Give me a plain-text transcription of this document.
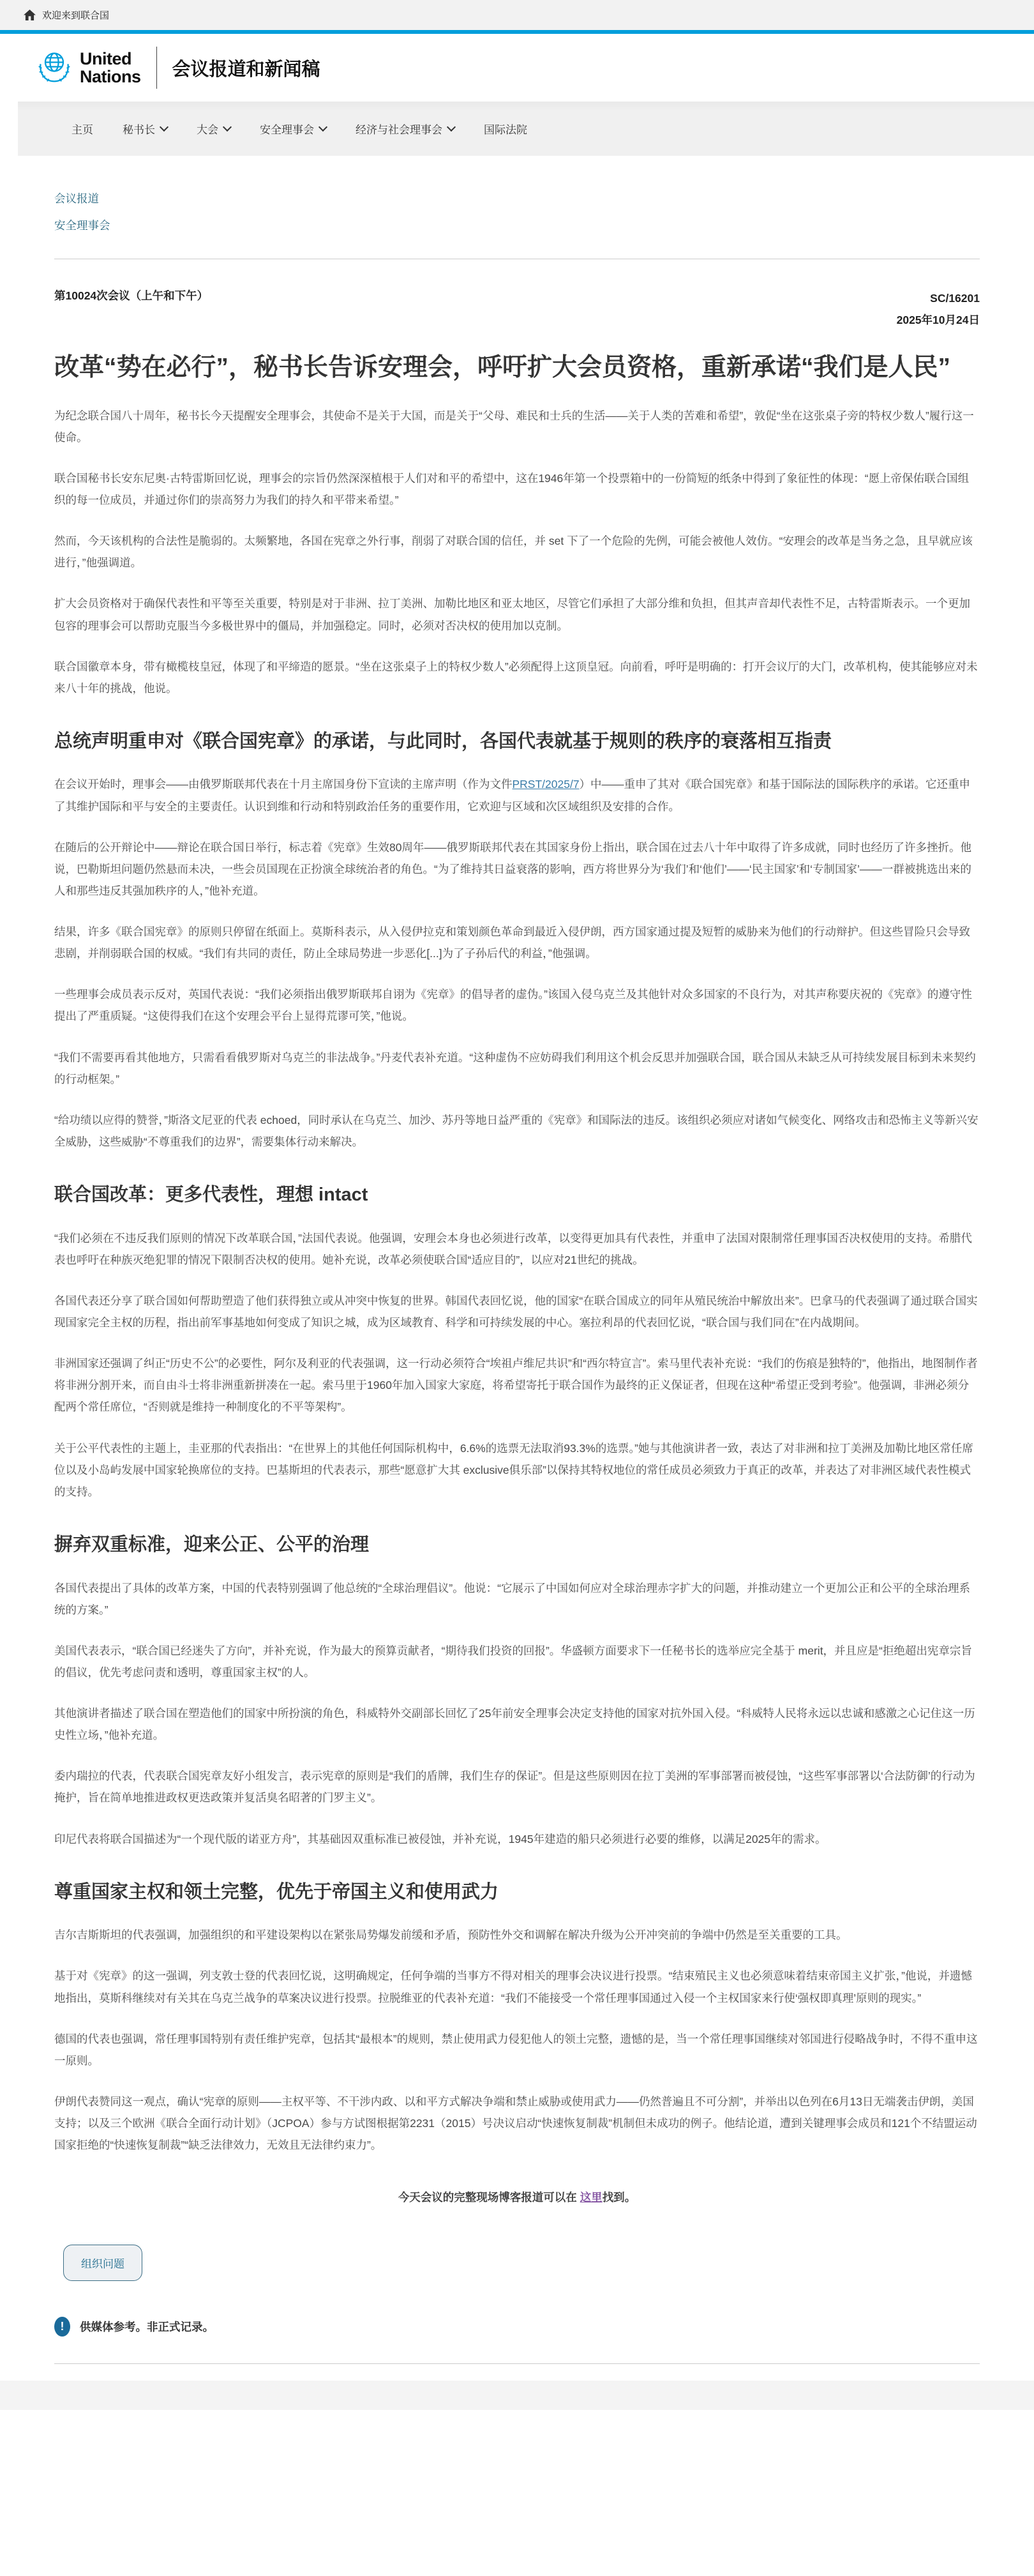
欢迎来到联合国
United
Nations 会议报道和新闻稿
主页	秘书长	大会	安全理事会	经济与社会理事会	国际法院
会议报道
安全理事会
第10024次会议（上午和下午）	SC/16201
2025年10月24日
改革“势在必行”，秘书长告诉安理会，呼吁扩大会员资格，重新承诺“我们是人民”

为纪念联合国八十周年，秘书长今天提醒安全理事会，其使命不是关于大国，而是关于“父母、难民和士兵的生活——关于人类的苦难和希望”，敦促“坐在这张桌子旁的特权少数人”履行这一使命。

联合国秘书长安东尼奥·古特雷斯回忆说，理事会的宗旨仍然深深植根于人们对和平的希望中，这在1946年第一个投票箱中的一份简短的纸条中得到了象征性的体现：“愿上帝保佑联合国组织的每一位成员，并通过你们的崇高努力为我们的持久和平带来希望。”

然而，今天该机构的合法性是脆弱的。太频繁地，各国在宪章之外行事，削弱了对联合国的信任，并 set 下了一个危险的先例，可能会被他人效仿。“安理会的改革是当务之急，且早就应该进行，”他强调道。

扩大会员资格对于确保代表性和平等至关重要，特别是对于非洲、拉丁美洲、加勒比地区和亚太地区，尽管它们承担了大部分维和负担，但其声音却代表性不足，古特雷斯表示。一个更加包容的理事会可以帮助克服当今多极世界中的僵局，并加强稳定。同时，必须对否决权的使用加以克制。

联合国徽章本身，带有橄榄枝皇冠，体现了和平缔造的愿景。“坐在这张桌子上的特权少数人”必须配得上这顶皇冠。向前看，呼吁是明确的：打开会议厅的大门，改革机构，使其能够应对未来八十年的挑战，他说。

总统声明重申对《联合国宪章》的承诺，与此同时，各国代表就基于规则的秩序的衰落相互指责

在会议开始时，理事会——由俄罗斯联邦代表在十月主席国身份下宣读的主席声明（作为文件PRST/2025/7）中——重申了其对《联合国宪章》和基于国际法的国际秩序的承诺。它还重申了其维护国际和平与安全的主要责任。认识到维和行动和特别政治任务的重要作用，它欢迎与区域和次区域组织及安排的合作。

在随后的公开辩论中——辩论在联合国日举行，标志着《宪章》生效80周年——俄罗斯联邦代表在其国家身份上指出，联合国在过去八十年中取得了许多成就，同时也经历了许多挫折。他说，巴勒斯坦问题仍然悬而未决，一些会员国现在正扮演全球统治者的角色。“为了维持其日益衰落的影响，西方将世界分为‘我们’和‘他们’——‘民主国家’和‘专制国家’——一群被挑选出来的人和那些违反其强加秩序的人，”他补充道。

结果，许多《联合国宪章》的原则只停留在纸面上。莫斯科表示，从入侵伊拉克和策划颜色革命到最近入侵伊朗，西方国家通过提及短暂的威胁来为他们的行动辩护。但这些冒险只会导致悲剧，并削弱联合国的权威。“我们有共同的责任，防止全球局势进一步恶化[...]为了子孙后代的利益，”他强调。

一些理事会成员表示反对，英国代表说：“我们必须指出俄罗斯联邦自诩为《宪章》的倡导者的虚伪。”该国入侵乌克兰及其他针对众多国家的不良行为，对其声称要庆祝的《宪章》的遵守性提出了严重质疑。“这使得我们在这个安理会平台上显得荒谬可笑，”他说。

“我们不需要再看其他地方，只需看看俄罗斯对乌克兰的非法战争。”丹麦代表补充道。“这种虚伪不应妨碍我们利用这个机会反思并加强联合国，联合国从未缺乏从可持续发展目标到未来契约的行动框架。”

“给功绩以应得的赞誉，”斯洛文尼亚的代表 echoed，同时承认在乌克兰、加沙、苏丹等地日益严重的《宪章》和国际法的违反。该组织必须应对诸如气候变化、网络攻击和恐怖主义等新兴安全威胁，这些威胁“不尊重我们的边界”，需要集体行动来解决。

联合国改革：更多代表性，理想 intact

“我们必须在不违反我们原则的情况下改革联合国，”法国代表说。他强调，安理会本身也必须进行改革，以变得更加具有代表性，并重申了法国对限制常任理事国否决权使用的支持。希腊代表也呼吁在种族灭绝犯罪的情况下限制否决权的使用。她补充说，改革必须使联合国“适应目的”，以应对21世纪的挑战。

各国代表还分享了联合国如何帮助塑造了他们获得独立或从冲突中恢复的世界。韩国代表回忆说，他的国家“在联合国成立的同年从殖民统治中解放出来”。巴拿马的代表强调了通过联合国实现国家完全主权的历程，指出前军事基地如何变成了知识之城，成为区域教育、科学和可持续发展的中心。塞拉利昂的代表回忆说，“联合国与我们同在”在内战期间。

非洲国家还强调了纠正“历史不公”的必要性，阿尔及利亚的代表强调，这一行动必须符合“埃祖卢维尼共识”和“西尔特宣言”。索马里代表补充说：“我们的伤痕是独特的”，他指出，地图制作者将非洲分割开来，而自由斗士将非洲重新拼凑在一起。索马里于1960年加入国家大家庭，将希望寄托于联合国作为最终的正义保证者，但现在这种“希望正受到考验”。他强调，非洲必须分配两个常任席位，“否则就是维持一种制度化的不平等架构”。

关于公平代表性的主题上，圭亚那的代表指出：“在世界上的其他任何国际机构中，6.6%的选票无法取消93.3%的选票。”她与其他演讲者一致，表达了对非洲和拉丁美洲及加勒比地区常任席位以及小岛屿发展中国家轮换席位的支持。巴基斯坦的代表表示，那些“愿意扩大其 exclusive俱乐部”以保持其特权地位的常任成员必须致力于真正的改革，并表达了对非洲区域代表性模式的支持。

摒弃双重标准，迎来公正、公平的治理

各国代表提出了具体的改革方案，中国的代表特别强调了他总统的“全球治理倡议”。他说：“它展示了中国如何应对全球治理赤字扩大的问题，并推动建立一个更加公正和公平的全球治理系统的方案。”

美国代表表示，“联合国已经迷失了方向”，并补充说，作为最大的预算贡献者，“期待我们投资的回报”。华盛顿方面要求下一任秘书长的选举应完全基于 merit，并且应是“拒绝超出宪章宗旨的倡议，优先考虑问责和透明，尊重国家主权”的人。

其他演讲者描述了联合国在塑造他们的国家中所扮演的角色，科威特外交副部长回忆了25年前安全理事会决定支持他的国家对抗外国入侵。“科威特人民将永远以忠诚和感激之心记住这一历史性立场，”他补充道。

委内瑞拉的代表，代表联合国宪章友好小组发言，表示宪章的原则是“我们的盾牌，我们生存的保证”。但是这些原则因在拉丁美洲的军事部署而被侵蚀，“这些军事部署以‘合法防御’的行动为掩护，旨在简单地推进政权更迭政策并复活臭名昭著的门罗主义”。

印尼代表将联合国描述为“一个现代版的诺亚方舟”，其基础因双重标准已被侵蚀，并补充说，1945年建造的船只必须进行必要的维修，以满足2025年的需求。

尊重国家主权和领土完整，优先于帝国主义和使用武力

吉尔吉斯斯坦的代表强调，加强组织的和平建设架构以在紧张局势爆发前缓和矛盾，预防性外交和调解在解决升级为公开冲突前的争端中仍然是至关重要的工具。

基于对《宪章》的这一强调，列支敦士登的代表回忆说，这明确规定，任何争端的当事方不得对相关的理事会决议进行投票。“结束殖民主义也必须意味着结束帝国主义扩张，”他说，并遗憾地指出，莫斯科继续对有关其在乌克兰战争的草案决议进行投票。拉脱维亚的代表补充道：“我们不能接受一个常任理事国通过入侵一个主权国家来行使‘强权即真理’原则的现实。”

德国的代表也强调，常任理事国特别有责任维护宪章，包括其“最根本”的规则，禁止使用武力侵犯他人的领土完整，遗憾的是，当一个常任理事国继续对邻国进行侵略战争时，不得不重申这一原则。

伊朗代表赞同这一观点，确认“宪章的原则——主权平等、不干涉内政、以和平方式解决争端和禁止威胁或使用武力——仍然普遍且不可分割”，并举出以色列在6月13日无端袭击伊朗，美国支持；以及三个欧洲《联合全面行动计划》（JCPOA）参与方试图根据第2231（2015）号决议启动“快速恢复制裁”机制但未成功的例子。他结论道，遭到关键理事会成员和121个不结盟运动国家拒绝的“快速恢复制裁”“缺乏法律效力，无效且无法律约束力”。

今天会议的完整现场博客报道可以在 这里找到。

组织问题
!	供媒体参考。非正式记录。
